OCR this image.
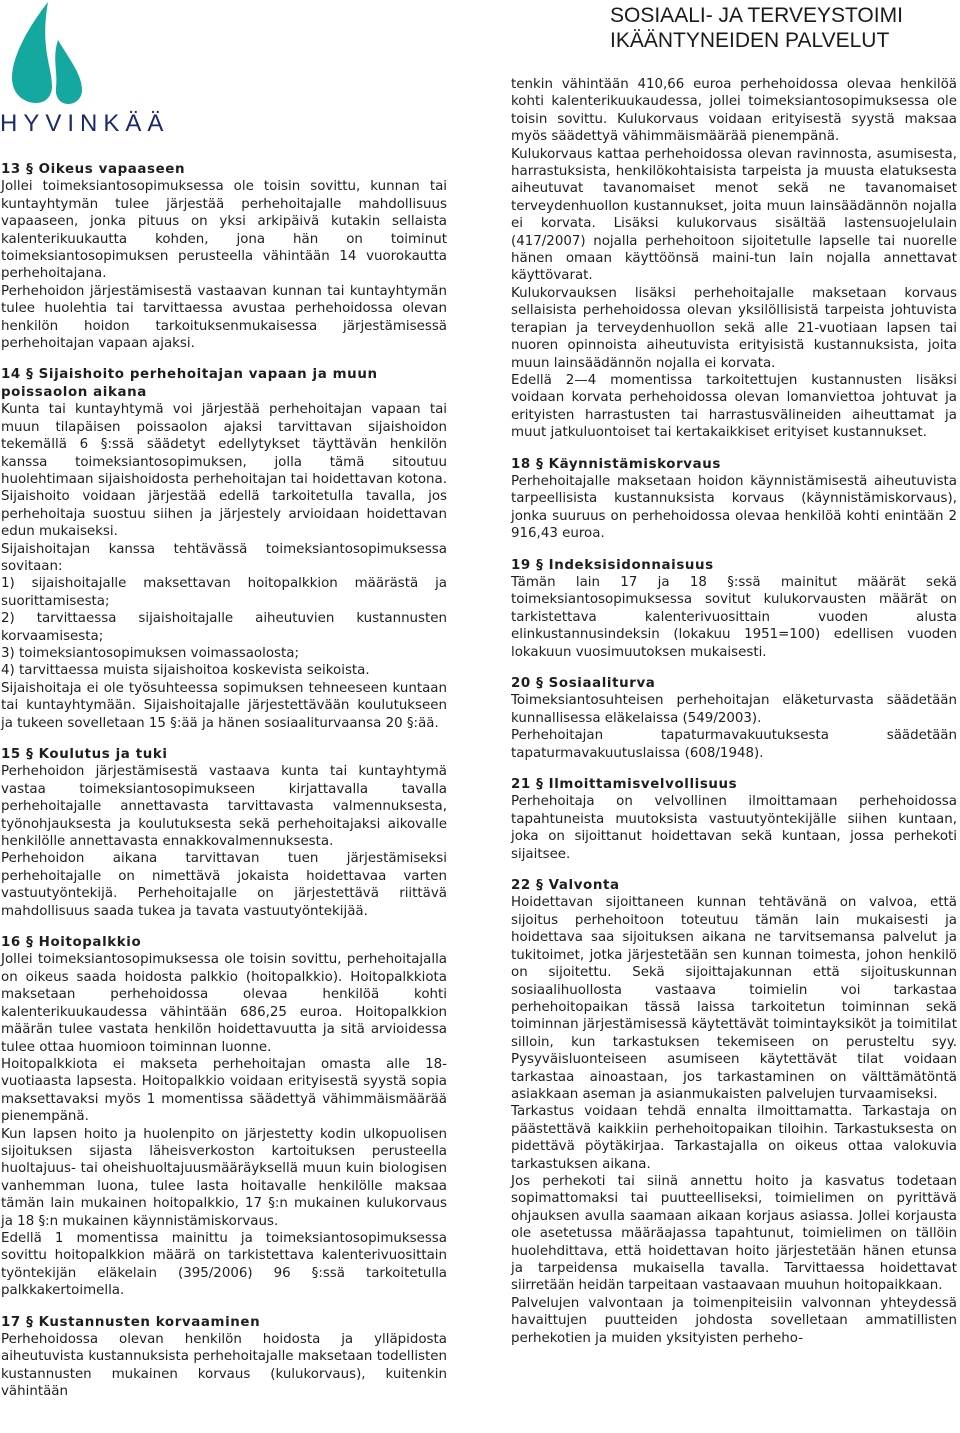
HYVINKÄÄ
SOSIAALI- JA TERVEYSTOIMI
IKÄÄNTYNEIDEN PALVELUT
13 § Oikeus vapaaseen

Jollei toimeksiantosopimuksessa ole toisin sovittu, kunnan tai kuntayhtymän tulee järjestää perhehoitajalle mahdollisuus vapaaseen, jonka pituus on yksi arkipäivä kutakin sellaista kalenterikuukautta kohden, jona hän on toiminut toimeksiantosopimuksen perusteella vähintään 14 vuorokautta perhehoitajana.

Perhehoidon järjestämisestä vastaavan kunnan tai kuntayhtymän tulee huolehtia tai tarvittaessa avustaa perhehoidossa olevan henkilön hoidon tarkoituksenmukaisessa järjestämisessä perhehoitajan vapaan ajaksi.

14 § Sijaishoito perhehoitajan vapaan ja muun poissaolon aikana

Kunta tai kuntayhtymä voi järjestää perhehoitajan vapaan tai muun tilapäisen poissaolon ajaksi tarvittavan sijaishoidon tekemällä 6 §:ssä säädetyt edellytykset täyttävän henkilön kanssa toimeksiantosopimuksen, jolla tämä sitoutuu huolehtimaan sijaishoidosta perhehoitajan tai hoidettavan kotona. Sijaishoito voidaan järjestää edellä tarkoitetulla tavalla, jos perhehoitaja suostuu siihen ja järjestely arvioidaan hoidettavan edun mukaiseksi.

Sijaishoitajan kanssa tehtävässä toimeksiantosopimuksessa sovitaan:

1) sijaishoitajalle maksettavan hoitopalkkion määrästä ja suorittamisesta;

2) tarvittaessa sijaishoitajalle aiheutuvien kustannusten korvaamisesta;

3) toimeksiantosopimuksen voimassaolosta;

4) tarvittaessa muista sijaishoitoa koskevista seikoista.

Sijaishoitaja ei ole työsuhteessa sopimuksen tehneeseen kuntaan tai kuntayhtymään. Sijaishoitajalle järjestettävään koulutukseen ja tukeen sovelletaan 15 §:ää ja hänen sosiaaliturvaansa 20 §:ää.

15 § Koulutus ja tuki

Perhehoidon järjestämisestä vastaava kunta tai kuntayhtymä vastaa toimeksiantosopimukseen kirjattavalla tavalla perhehoitajalle annettavasta tarvittavasta valmennuksesta, työnohjauksesta ja koulutuksesta sekä perhehoitajaksi aikovalle henkilölle annettavasta ennakkovalmennuksesta.

Perhehoidon aikana tarvittavan tuen järjestämiseksi perhehoitajalle on nimettävä jokaista hoidettavaa varten vastuutyöntekijä. Perhehoitajalle on järjestettävä riittävä mahdollisuus saada tukea ja tavata vastuutyöntekijää.

16 § Hoitopalkkio

Jollei toimeksiantosopimuksessa ole toisin sovittu, perhehoitajalla on oikeus saada hoidosta palkkio (hoitopalkkio). Hoitopalkkiota maksetaan perhehoidossa olevaa henkilöä kohti kalenterikuukaudessa vähintään 686,25 euroa. Hoitopalkkion määrän tulee vastata henkilön hoidettavuutta ja sitä arvioidessa tulee ottaa huomioon toiminnan luonne.

Hoitopalkkiota ei makseta perhehoitajan omasta alle 18-vuotiaasta lapsesta. Hoitopalkkio voidaan erityisestä syystä sopia maksettavaksi myös 1 momentissa säädettyä vähimmäismäärää pienempänä.

Kun lapsen hoito ja huolenpito on järjestetty kodin ulkopuolisen sijoituksen sijasta läheisverkoston kartoituksen perusteella huoltajuus- tai oheishuoltajuusmääräyksellä muun kuin biologisen vanhemman luona, tulee lasta hoitavalle henkilölle maksaa tämän lain mukainen hoitopalkkio, 17 §:n mukainen kulukorvaus ja 18 §:n mukainen käynnistämiskorvaus.

Edellä 1 momentissa mainittu ja toimeksiantosopimuksessa sovittu hoitopalkkion määrä on tarkistettava kalenterivuosittain työntekijän eläkelain (395/2006) 96 §:ssä tarkoitetulla palkkakertoimella.

17 § Kustannusten korvaaminen

Perhehoidossa olevan henkilön hoidosta ja ylläpidosta aiheutuvista kustannuksista perhehoitajalle maksetaan todellisten kustannusten mukainen korvaus (kulukorvaus), kuitenkin vähintään

tenkin vähintään 410,66 euroa perhehoidossa olevaa henkilöä kohti kalenterikuukaudessa, jollei toimeksiantosopimuksessa ole toisin sovittu. Kulukorvaus voidaan erityisestä syystä maksaa myös säädettyä vähimmäismäärää pienempänä.

Kulukorvaus kattaa perhehoidossa olevan ravinnosta, asumisesta, harrastuksista, henkilökohtaisista tarpeista ja muusta elatuksesta aiheutuvat tavanomaiset menot sekä ne tavanomaiset terveydenhuollon kustannukset, joita muun lainsäädännön nojalla ei korvata. Lisäksi kulukorvaus sisältää lastensuojelulain (417/2007) nojalla perhehoitoon sijoitetulle lapselle tai nuorelle hänen omaan käyttöönsä maini-tun lain nojalla annettavat käyttövarat.

Kulukorvauksen lisäksi perhehoitajalle maksetaan korvaus sellaisista perhehoidossa olevan yksilöllisistä tarpeista johtuvista terapian ja terveydenhuollon sekä alle 21-vuotiaan lapsen tai nuoren opinnoista aiheutuvista erityisistä kustannuksista, joita muun lainsäädännön nojalla ei korvata.

Edellä 2—4 momentissa tarkoitettujen kustannusten lisäksi voidaan korvata perhehoidossa olevan lomanviettoa johtuvat ja erityisten harrastusten tai harrastusvälineiden aiheuttamat ja muut jatkuluontoiset tai kertakaikkiset erityiset kustannukset.

18 § Käynnistämiskorvaus

Perhehoitajalle maksetaan hoidon käynnistämisestä aiheutuvista tarpeellisista kustannuksista korvaus (käynnistämiskorvaus), jonka suuruus on perhehoidossa olevaa henkilöä kohti enintään 2 916,43 euroa.

19 § Indeksisidonnaisuus

Tämän lain 17 ja 18 §:ssä mainitut määrät sekä toimeksiantosopimuksessa sovitut kulukorvausten määrät on tarkistettava kalenterivuosittain vuoden alusta elinkustannusindeksin (lokakuu 1951=100) edellisen vuoden lokakuun vuosimuutoksen mukaisesti.

20 § Sosiaaliturva

Toimeksiantosuhteisen perhehoitajan eläketurvasta säädetään kunnallisessa eläkelaissa (549/2003).

Perhehoitajan tapaturmavakuutuksesta säädetään tapaturmavakuutuslaissa (608/1948).

21 § Ilmoittamisvelvollisuus

Perhehoitaja on velvollinen ilmoittamaan perhehoidossa tapahtuneista muutoksista vastuutyöntekijälle siihen kuntaan, joka on sijoittanut hoidettavan sekä kuntaan, jossa perhekoti sijaitsee.

22 § Valvonta

Hoidettavan sijoittaneen kunnan tehtävänä on valvoa, että sijoitus perhehoitoon toteutuu tämän lain mukaisesti ja hoidettava saa sijoituksen aikana ne tarvitsemansa palvelut ja tukitoimet, jotka järjestetään sen kunnan toimesta, johon henkilö on sijoitettu. Sekä sijoittajakunnan että sijoituskunnan sosiaalihuollosta vastaava toimielin voi tarkastaa perhehoitopaikan tässä laissa tarkoitetun toiminnan sekä toiminnan järjestämisessä käytettävät toimintayksiköt ja toimitilat silloin, kun tarkastuksen tekemiseen on perusteltu syy. Pysyväisluonteiseen asumiseen käytettävät tilat voidaan tarkastaa ainoastaan, jos tarkastaminen on välttämätöntä asiakkaan aseman ja asianmukaisten palvelujen turvaamiseksi.

Tarkastus voidaan tehdä ennalta ilmoittamatta. Tarkastaja on päästettävä kaikkiin perhehoitopaikan tiloihin. Tarkastuksesta on pidettävä pöytäkirjaa. Tarkastajalla on oikeus ottaa valokuvia tarkastuksen aikana.

Jos perhekoti tai siinä annettu hoito ja kasvatus todetaan sopimattomaksi tai puutteelliseksi, toimielimen on pyrittävä ohjauksen avulla saamaan aikaan korjaus asiassa. Jollei korjausta ole asetetussa määräajassa tapahtunut, toimielimen on tällöin huolehdittava, että hoidettavan hoito järjestetään hänen etunsa ja tarpeidensa mukaisella tavalla. Tarvittaessa hoidettavat siirretään heidän tarpeitaan vastaavaan muuhun hoitopaikkaan.

Palvelujen valvontaan ja toimenpiteisiin valvonnan yhteydessä havaittujen puutteiden johdosta sovelletaan ammatillisten perhekotien ja muiden yksityisten perheho-
